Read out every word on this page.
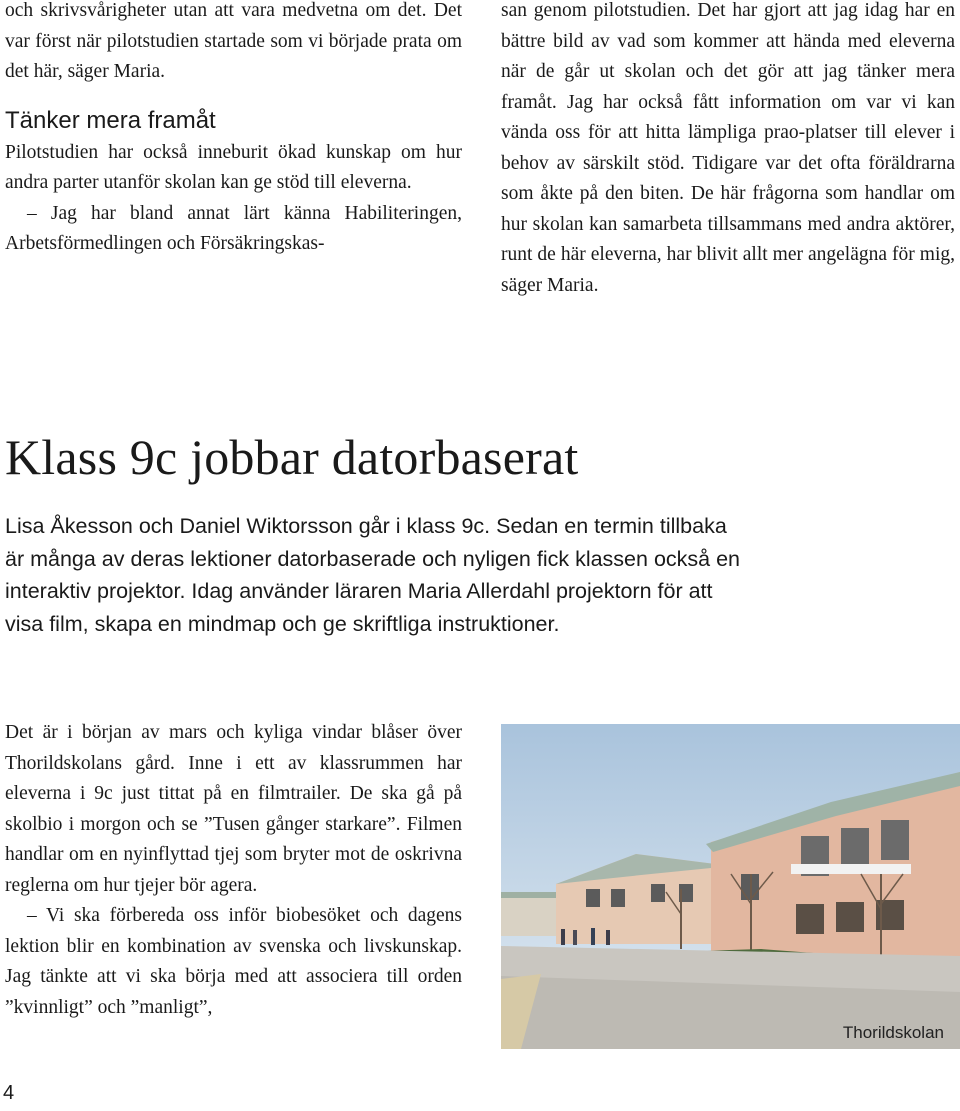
och skrivsvårigheter utan att vara medvetna om det. Det var först när pilotstudien startade som vi började prata om det här, säger Maria.

Tänker mera framåt

Pilotstudien har också inneburit ökad kunskap om hur andra parter utanför skolan kan ge stöd till eleverna.

– Jag har bland annat lärt känna Habiliteringen, Arbetsförmedlingen och Försäkringskas-

san genom pilotstudien. Det har gjort att jag idag har en bättre bild av vad som kommer att hända med eleverna när de går ut skolan och det gör att jag tänker mera framåt. Jag har också fått information om var vi kan vända oss för att hitta lämpliga prao-platser till elever i behov av särskilt stöd. Tidigare var det ofta föräldrarna som åkte på den biten. De här frågorna som handlar om hur skolan kan samarbeta tillsammans med andra aktörer, runt de här eleverna, har blivit allt mer angelägna för mig, säger Maria.

Klass 9c jobbar datorbaserat

Lisa Åkesson och Daniel Wiktorsson går i klass 9c. Sedan en termin tillbaka är många av deras lektioner datorbaserade och nyligen fick klassen också en interaktiv projektor. Idag använder läraren Maria Allerdahl projektorn för att visa film, skapa en mindmap och ge skriftliga instruktioner.

Det är i början av mars och kyliga vindar blåser över Thorildskolans gård. Inne i ett av klassrummen har eleverna i 9c just tittat på en filmtrailer. De ska gå på skolbio i morgon och se ”Tusen gånger starkare”. Filmen handlar om en nyinflyttad tjej som bryter mot de oskrivna reglerna om hur tjejer bör agera.

– Vi ska förbereda oss inför biobesöket och dagens lektion blir en kombination av svenska och livskunskap. Jag tänkte att vi ska börja med att associera till orden ”kvinnligt” och ”manligt”,

Thorildskolan
4
